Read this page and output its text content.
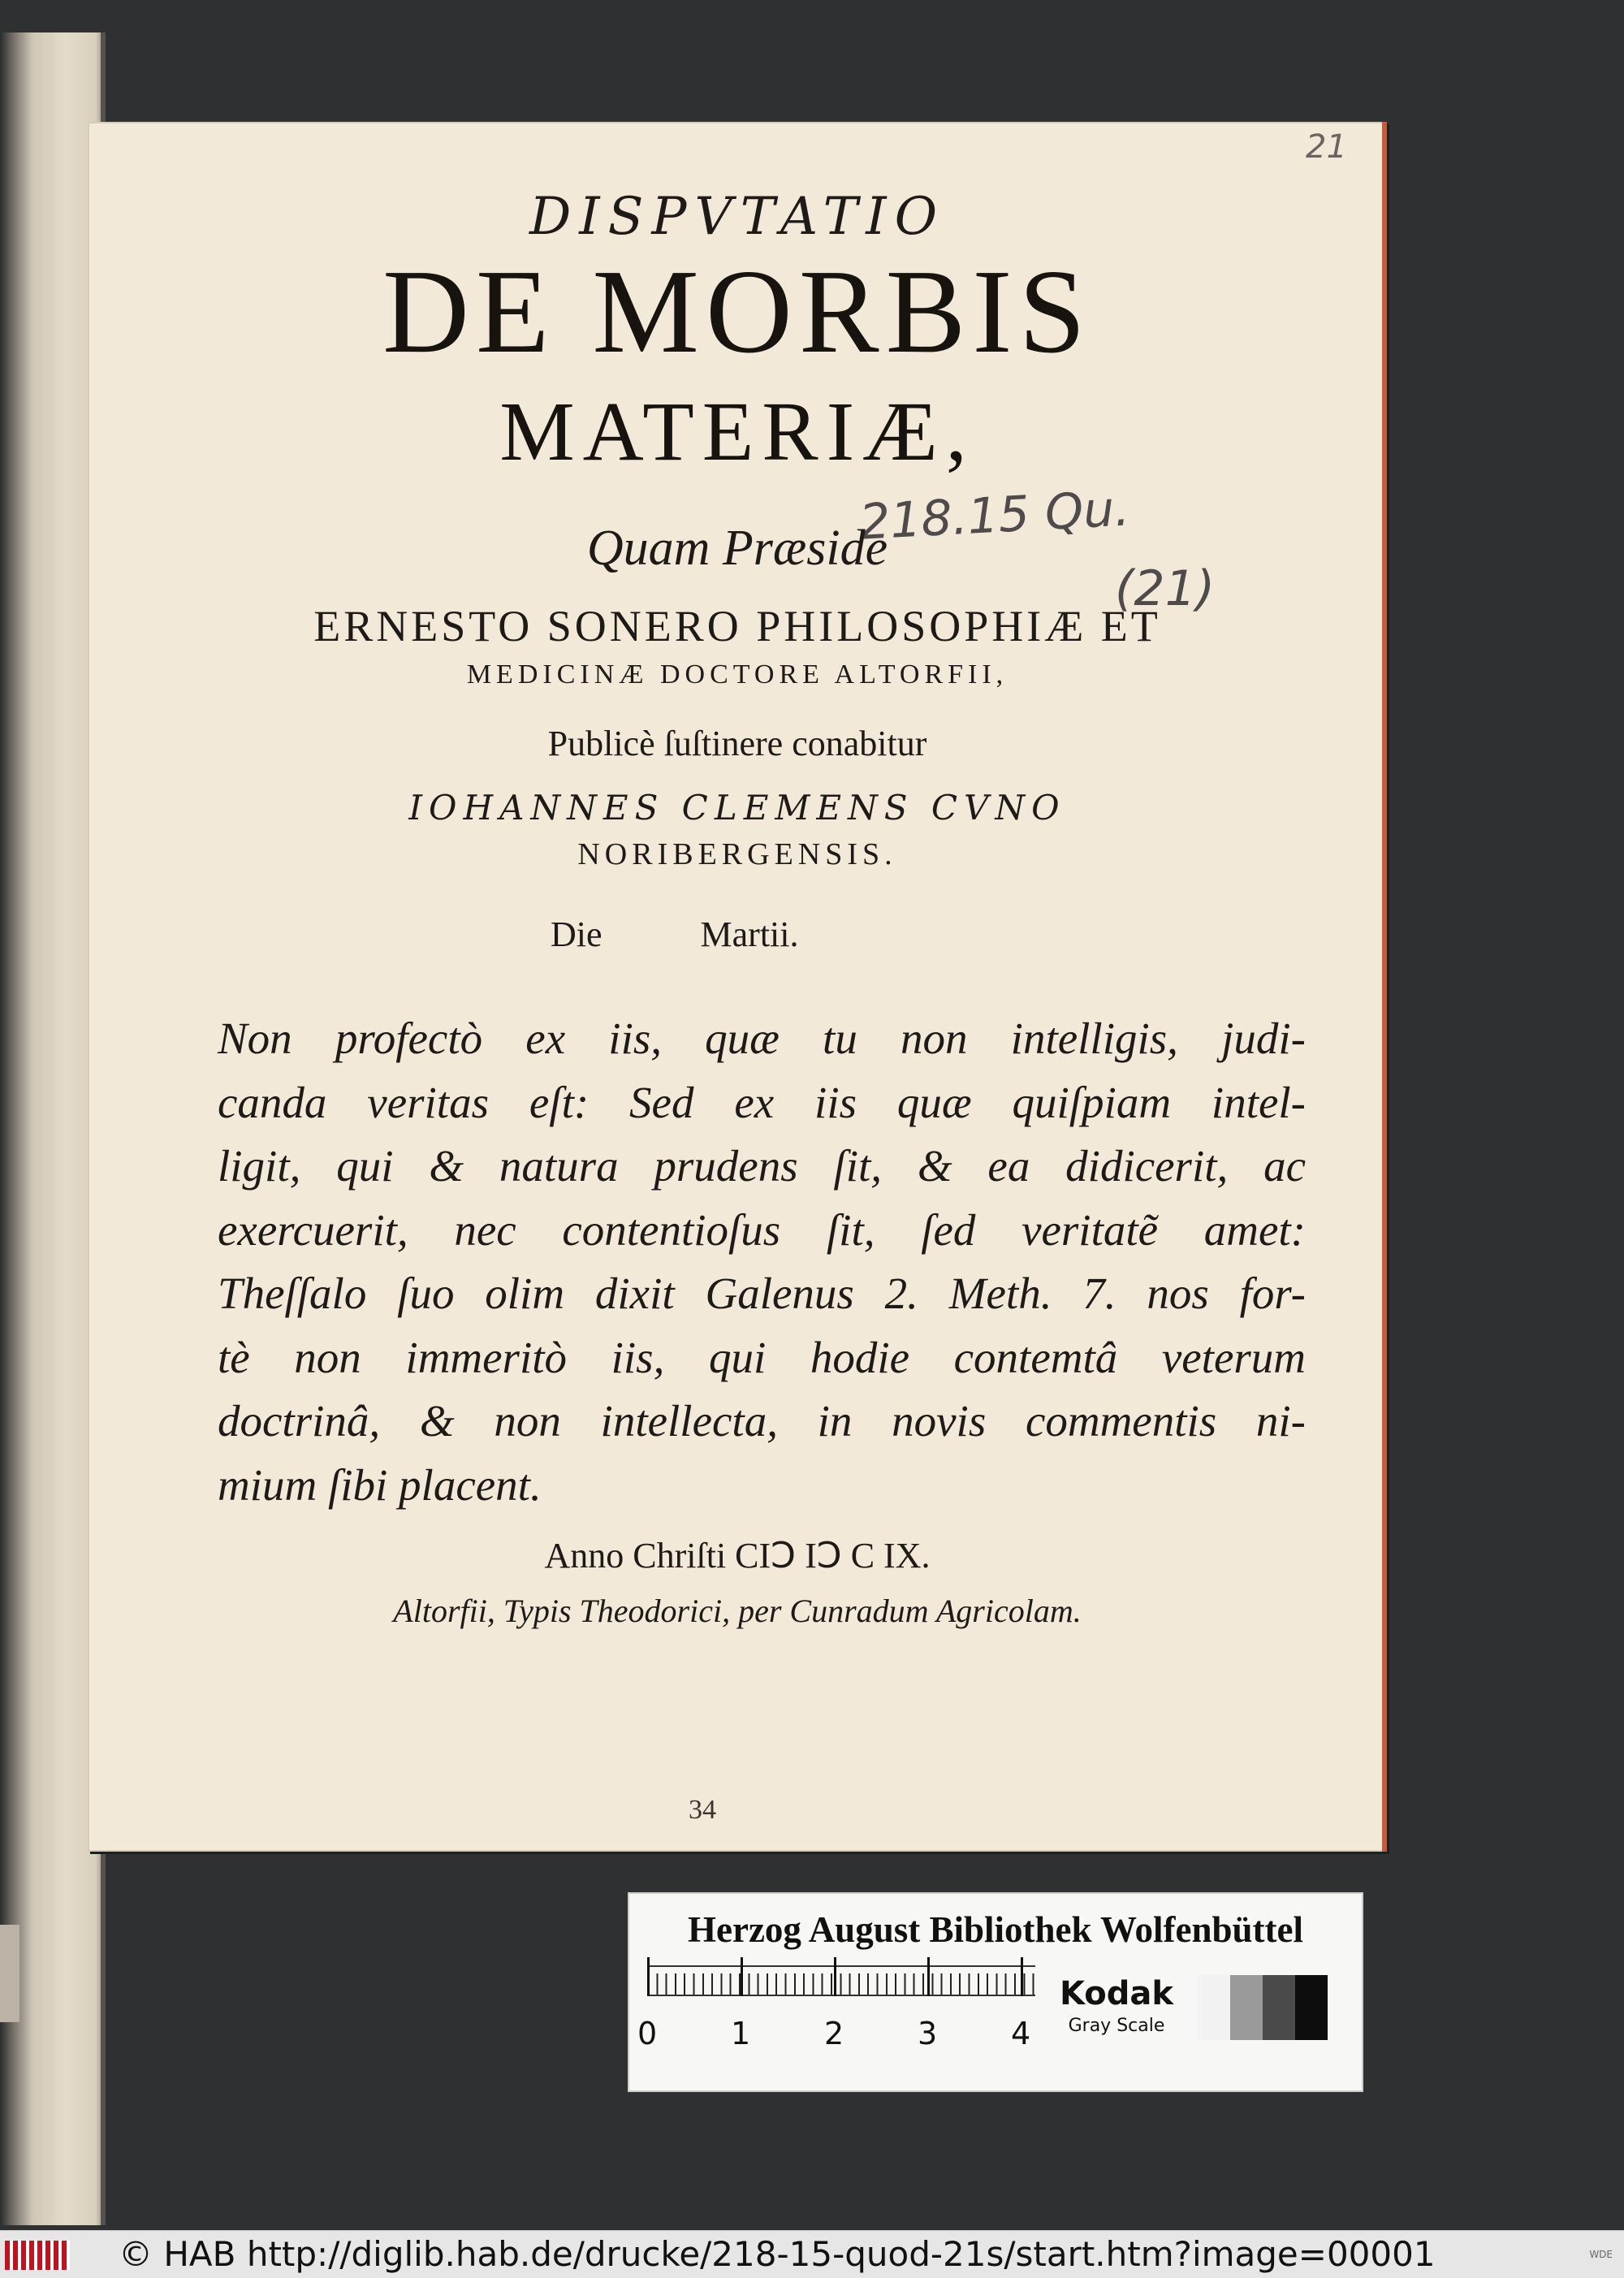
21
218.15 Qu.
(21)
DISPVTATIO
DE MORBIS
MATERIÆ,
Quam Præside
ERNESTO SONERO PHILOSOPHIÆ ET
MEDICINÆ DOCTORE ALTORFII,
Publicè ſuſtinere conabitur
IOHANNES CLEMENS CVNO
NORIBERGENSIS.
Die	Martii.
Non profectò ex iis, quæ tu non intelligis, judi-
canda veritas eſt: Sed ex iis quæ quiſpiam intel-
ligit, qui & natura prudens ſit, & ea didicerit, ac
exercuerit, nec contentioſus ſit, ſed veritatẽ amet:
Theſſalo ſuo olim dixit Galenus 2. Meth. 7. nos for-
tè non immeritò iis, qui hodie contemtâ veterum
doctrinâ, & non intellecta, in novis commentis ni-
mium ſibi placent.
Anno Chriſti CIↃ IↃ C IX.
Altorfii, Typis Theodorici, per Cunradum Agricolam.
34
Herzog August Bibliothek Wolfenbüttel
0 1 2 3 4
Kodak
Gray Scale
© HAB http://diglib.hab.de/drucke/218-15-quod-21s/start.htm?image=00001	WDE
